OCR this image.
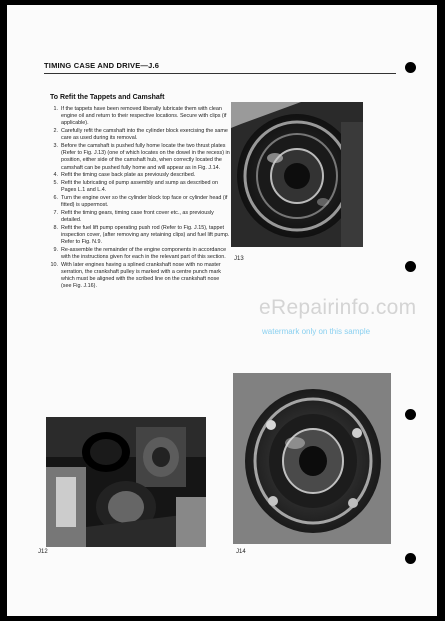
TIMING CASE AND DRIVE—J.6
To Refit the Tappets and Camshaft
1. If the tappets have been removed liberally lubricate them with clean engine oil and return to their respective locations. Secure with clips (if applicable).
2. Carefully refit the camshaft into the cylinder block exercising the same care as used during its removal.
3. Before the camshaft is pushed fully home locate the two thrust plates (Refer to Fig. J.13) (one of which locates on the dowel in the recess) in position, either side of the camshaft hub, when correctly located the camshaft can be pushed fully home and will appear as in Fig. J.14.
4. Refit the timing case back plate as previously described.
5. Refit the lubricating oil pump assembly and sump as described on Pages L.1 and L.4.
6. Turn the engine over so the cylinder block top face or cylinder head (if fitted) is uppermost.
7. Refit the timing gears, timing case front cover etc., as previously detailed.
8. Refit the fuel lift pump operating push rod (Refer to Fig. J.15), tappet inspection cover, (after removing any retaining clips) and fuel lift pump. Refer to Fig. N.9.
9. Re-assemble the remainder of the engine components in accordance with the instructions given for each in the relevant part of this section.
10. With later engines having a splined crankshaft nose with no master serration, the crankshaft pulley is marked with a centre punch mark which must be aligned with the scribed line on the crankshaft nose (see Fig. J.16).
J13
eRepairinfo.com
watermark only on this sample
J12	J14
